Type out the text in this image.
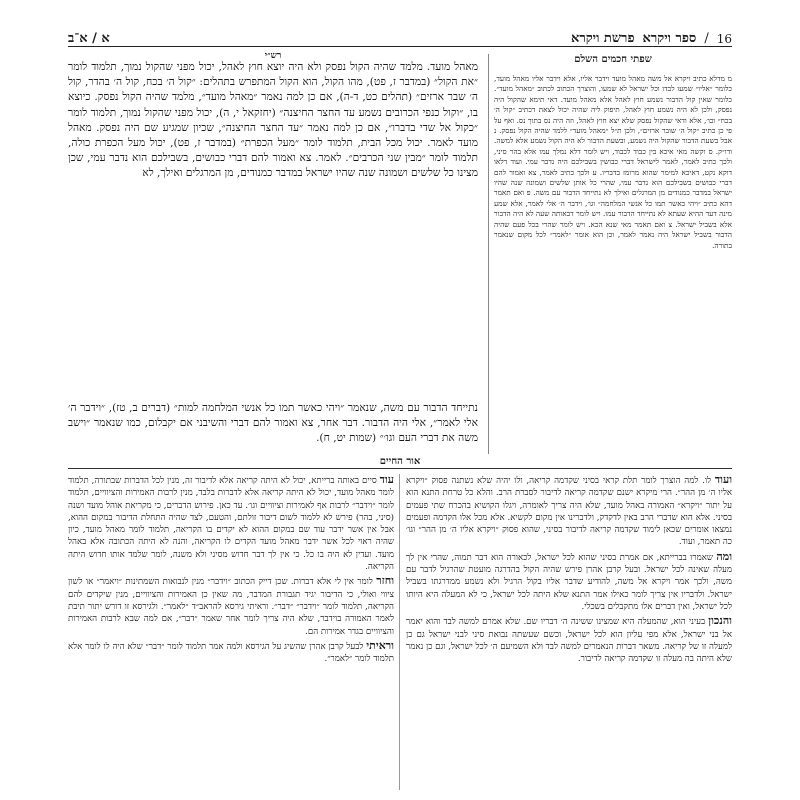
16
/
ספר ויקרא
פרשת ויקרא
א / א־ב
שפתי חכמים השלם

מ מדלא כתיב ויקרא אל משה מאהל מועד וידבר אליו, אלא וידבר אליו מאהל מועד, כלומר ״אליו״ שמעו לבדו וכל ישראל לא שמעו, והוצרך הכתוב לכתוב ״מאהל מועד״. כלומר שאין קול הדבור נשמע חוץ לאהל אלא מאהל מועד. דאי תימא שהקול היה נפסק, ולכן לא היה נשמע חוץ לאהל, תיפוק ליה שהיה יכול לצאת דכתיב ״קול ה׳ בכח״ וכו׳, אלא ודאי שהקול נפסק שלא יצא חוץ לאהל, וזה היה נס בתוך נס. ואף על פי כן כתיב ״קול ה׳ שובר ארזים״, ולכן ת״ל ״מאהל מועד״ ללמד שהיה הקול נפסק. נ אבל בשעת הדבור שהקול היה נשמע, ובשעת הדבור לא היה הקול נשמע אלא למשה. ודו״ק. ס וקשה מאי איכא בין כבוד לכבוד, ויש לומר דלא נמלך עמו אלא בהר סיני, ולכך כתיב לאמר, לאמר לישראל דברי כבושין בשבילכם היה נדבר עמי. ועוד דלאו דוקא נקט, דאיכא למימר שהוא מרומז בדבריו. ע ולכך כתיב לאמר, צא ואמור להם דברי כבושים בשבילכם הוא נדבר עמי, שהרי כל אותן שלשים ושמונה שנה שהיו ישראל במדבר כמנודים מן המרגלים ואילך לא נתייחד הדבור עם משה. פ ואם תאמר דהא כתיב ״ויהי כאשר תמו כל אנשי המלחמה״ וגו׳, וידבר ה׳ אלי לאמר, אלא שמע מינה דעד ההיא שעתא לא נתייחד הדבור עמו. ויש לומר דבאותה שעה לא היה הדבור אלא בשביל ישראל. צ ואם תאמר מאי שנא הכא. ויש לומר שהרי בכל פעם שהיה הדבור בשביל ישראל היה נאמר לאמר, וכן הוא אומר ״לאמר״ לכל מקום שנאמר בתורה.

רש״י

מאהל מועד. מלמד שהיה הקול נפסק ולא היה יוצא חוץ לאהל, יכול מפני שהקול נמוך, תלמוד לומר ״את הקול״ (במדבר ז, פט), מהו הקול, הוא הקול המתפרש בתהלים: ״קול ה׳ בכח, קול ה׳ בהדר, קול ה׳ שבר ארזים״ (תהלים כט, ד-ה), אם כן למה נאמר ״מאהל מועד״, מלמד שהיה הקול נפסק. כיוצא בו, ״וקול כנפי הכרובים נשמע עד החצר החיצנה״ (יחזקאל י, ה), יכול מפני שהקול נמוך, תלמוד לומר ״כקול אל שדי בדברו״, אם כן למה נאמר ״עד החצר החיצנה״, שכיון שמגיע שם היה נפסק. מאהל מועד לאמר. יכול מכל הבית, תלמוד לומר ״מעל הכפרת״ (במדבר ז, פט), יכול מעל הכפרת כולה, תלמוד לומר ״מבין שני הכרבים״. לאמר. צא ואמור להם דברי כבושים, בשבילכם הוא נדבר עמי, שכן מצינו כל שלשים ושמונה שנה שהיו ישראל במדבר כמנודים, מן המרגלים ואילך, לא

נתייחד הדבור עם משה, שנאמר ״ויהי כאשר תמו כל אנשי המלחמה למות״ (דברים ב, טז), ״וידבר ה׳ אלי לאמר״, אלי היה הדבור. דבר אחר, צא ואמור להם דברי והשיבני אם יקבלום, כמו שנאמר ״וישב משה את דברי העם וגו׳״ (שמות יט, ח).

אור החיים

ועוד לו. למה הוצרך לומר תלת קראי בסיני שקדמה קריאה, ולו יהיה שלא נשתנה פסוק ״ויקרא אליו ה׳ מן ההר״. הרי מיקרא ישנם שקדמה קריאה לדיבור לסברת הרב. והלא כל טרחת התנא הוא על יתור ״ויקרא״ האמורה באהל מועד, שלא היה צריך לאומרה, ויגלו הקושיא בהכרח שתי פעמים בסיני. אלא הוא שדברי הרב באין לדקדק, ולדברינו אין מקום לקשיא. אלא מכל אלו הקדמה ופעמים נמצאו אומרים שכאן לימוד שקדמה קריאה לדיבור בסיני, שהוא פסוק ״ויקרא אליו ה׳ מן ההר״ וגו׳ כה תאמר, ועוד.

ומה שאמרו בברייתא, אם אמרת בסיני שהוא לכל ישראל, לכאורה הוא דבר תמוה, שהרי אין לך מעלה שאינה לכל ישראל. ובעל קרבן אהרן פירש שהיה הקול בהדרגה מועטת שהרגיל לדבר עם משה, ולכך אמר ויקרא אל משה, להודיע שדבר אליו בקול הרגיל ולא נשמע ממדרגתו בשביל ישראל. ולדבריו אין צריך לומר כאילו אמר התנא שלא היתה לכל ישראל, כי לא המעלה היא היותו לכל ישראל, ואין דברים אלו מתקבלים בשכלי.

והנכון בעיני הוא, שהמעלה היא שמצינו ששינה ה׳ דבריו שם. שלא אמרם למשה לבד והוא יאמר אל בני ישראל, אלא מפי עליון הוא לכל ישראל, וכשם שעשתה נבואת סיני לבני ישראל גם כן למעלה זו של קריאה. משאר דברות הנאמרים למשה לבד ולא השמיעם ה׳ לכל ישראל, וגם כן נאמר שלא היתה בה מעלה זו שקדמה קריאה לדיבור.

עוד סיים באותה ברייתא, יכול לא היתה קריאה אלא לדיבור זה, מנין לכל הדברות שבתורה, תלמוד לומר מאהל מועד, יכול לא היתה קריאה אלא לדברות בלבד, מנין לרבות האמירות והציוויים, תלמוד לומר ״וידבר״ לרבות אף לאמירות וציוויים וגו׳. עד כאן. פירוש הדברים, כי מקריאת אוהל מועד ושנה (סיני, בהר) פירש לא ללמוד לשום דיבור זולתם, והטעם, לצד שהיה התחלת הדיבור במקום ההוא, אבל אין אשר ידבר עוד שם במקום ההוא לא יקדים בו הקריאה, תלמוד לומר מאהל מועד, כיון שהיה ראוי לכל אשר ידבר מאהל מועד הקדים לו הקריאה, והנה לא היתה הכתובה אלא באהל מועד. ועדין לא היה בו כל. כי אין לך דבר חדוש מסיני ולא משנה, לומר שלמד אותו חדוש היתה הקריאה.

וחזר לומר אין לי אלא דברות. שכן דייק הכתוב ״וידבר״ מנין לנבואות השמתינות ״ויאמר״ או לשון ציווי ואולי, כי הדיבור יגיד תגבורת המדבר, מה שאין כן האמירות והציוויים, מנין שיקדים להם הקריאה, תלמוד לומר ״וידבר״ ״דבר״. וראיתי גירסא להראב״ד ״לאמר״. ולגירסא זו דורש יתור תיבת לאמר האמורה בוידבר, שלא היה צריך לומר אחר שאמר ״דבר״, אם למה שבא לרבות האמירות והציוויים בגדר אמירות הם.

וראיתי לבעל קרבן אהרן שהשיג על הגירסא ולמה אמר תלמוד לומר ״דבר״ שלא היה לו לומר אלא תלמוד לומר ״לאמר״.
